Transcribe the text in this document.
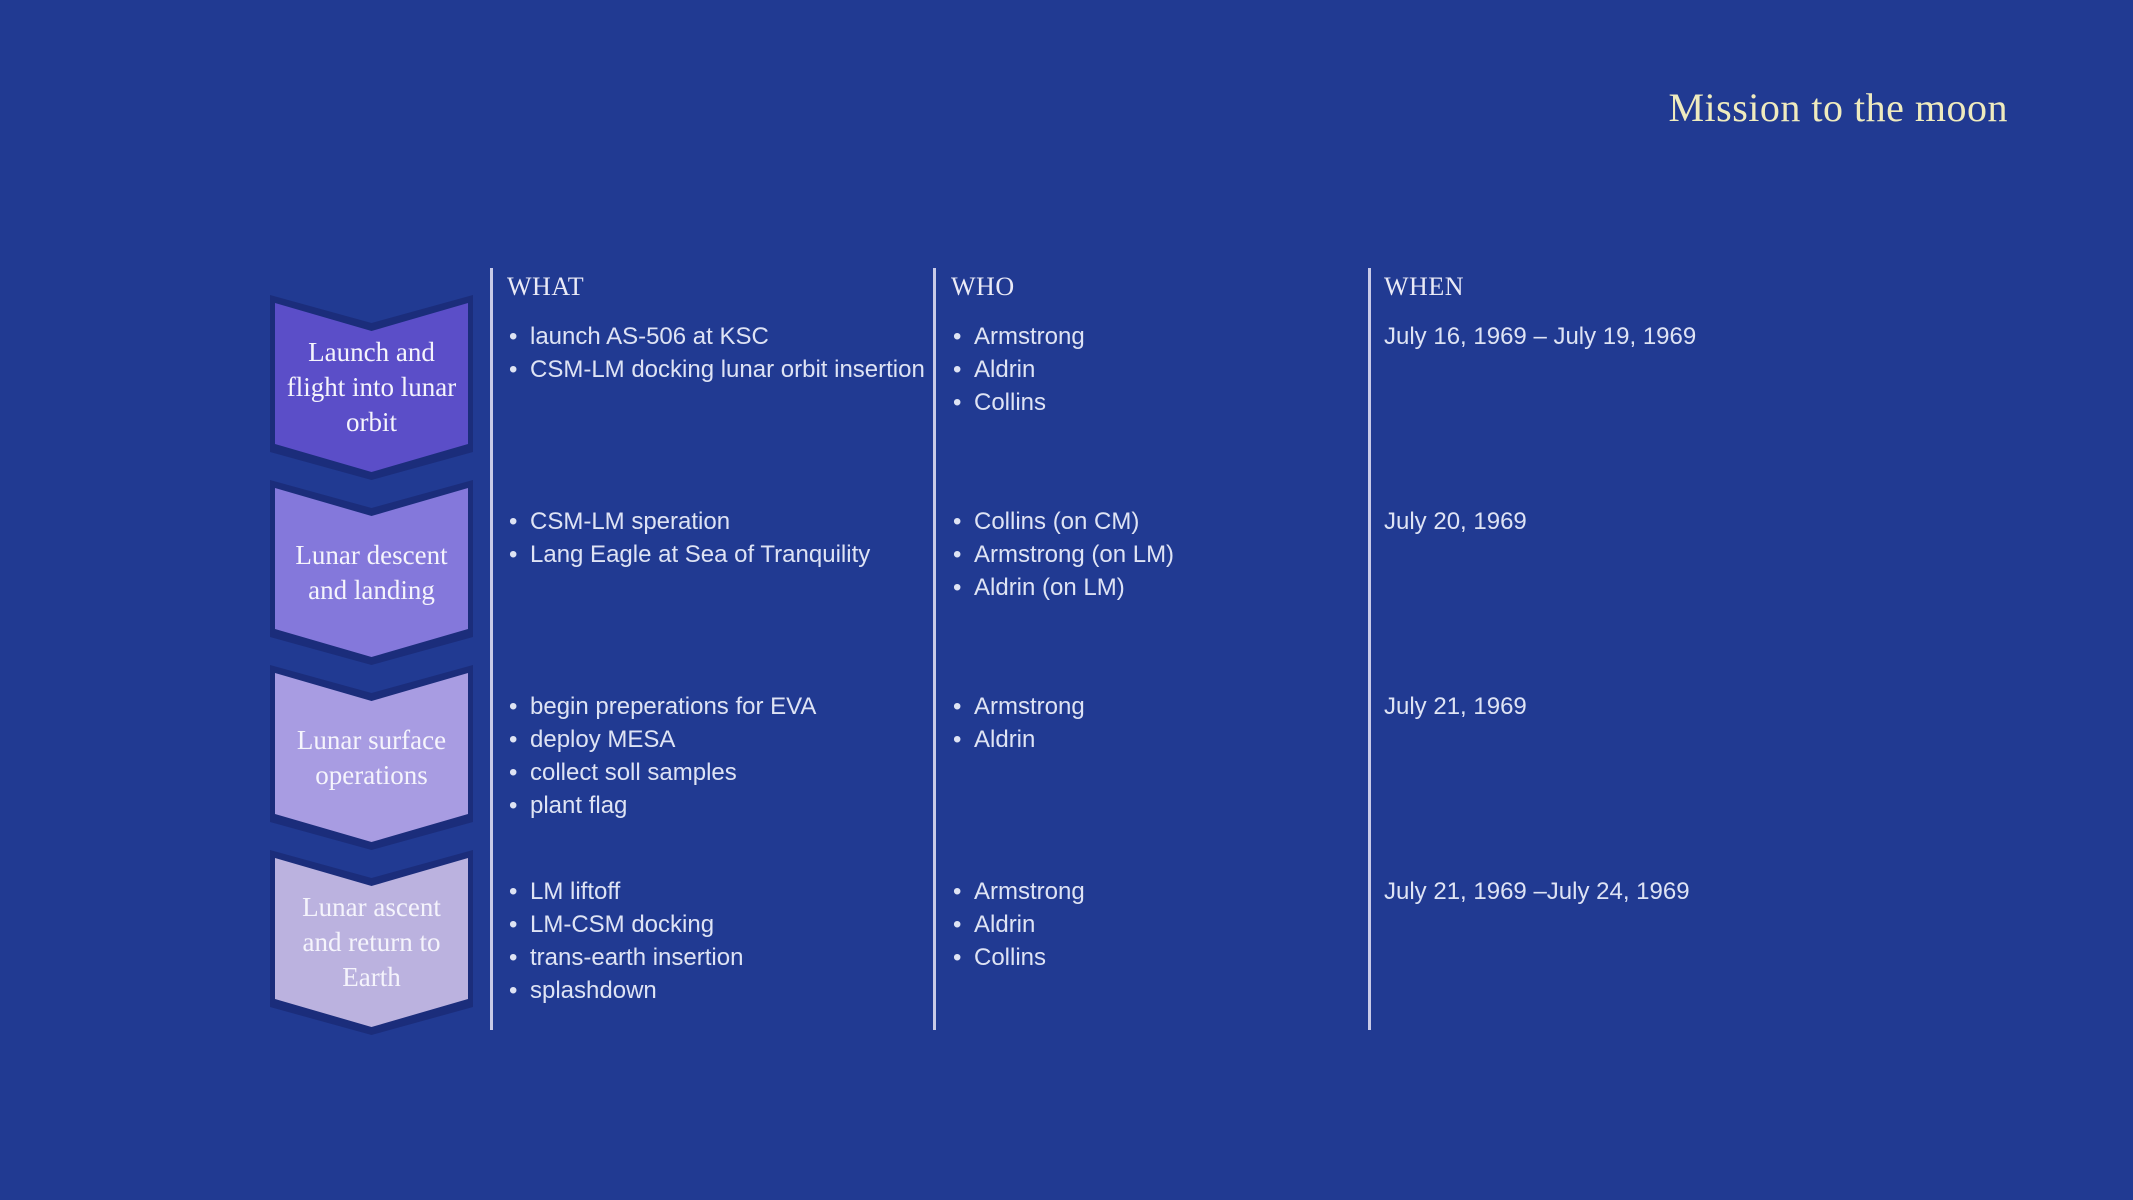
Mission to the moon
WHAT	WHO	WHEN
Launch and flight into lunar orbit
• launch AS-506 at KSC
• CSM-LM docking lunar orbit insertion
• Armstrong
• Aldrin
• Collins
July 16, 1969 – July 19, 1969
Lunar descent and landing
• CSM-LM speration
• Lang Eagle at Sea of Tranquility
• Collins (on CM)
• Armstrong (on LM)
• Aldrin (on LM)
July 20, 1969
Lunar surface operations
• begin preperations for EVA
• deploy MESA
• collect soll samples
• plant flag
• Armstrong
• Aldrin
July 21, 1969
Lunar ascent and return to Earth
• LM liftoff
• LM-CSM docking
• trans-earth insertion
• splashdown
• Armstrong
• Aldrin
• Collins
July 21, 1969 –July 24, 1969
